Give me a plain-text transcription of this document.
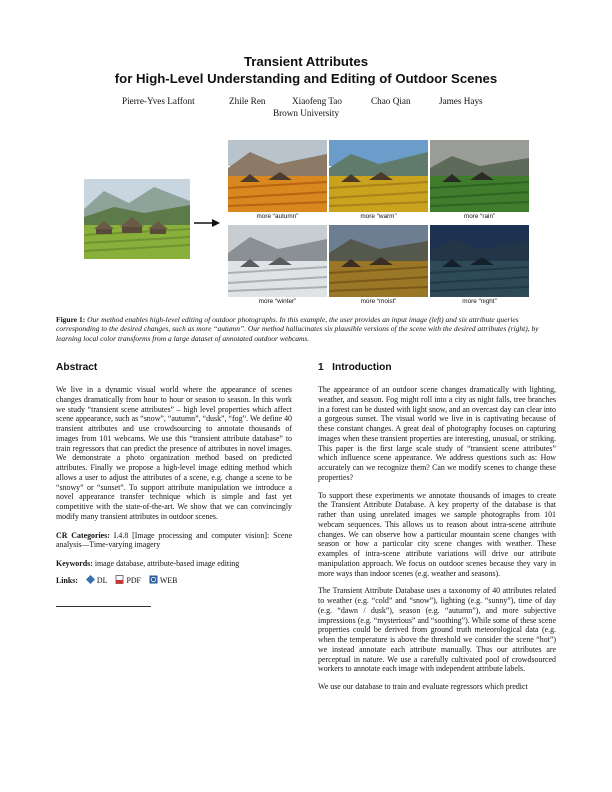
Transient Attributes
for High-Level Understanding and Editing of Outdoor Scenes
Pierre-Yves Laffont	Zhile Ren	Xiaofeng Tao	Chao Qian	James Hays
Brown University
more “autumn”	more “warm”	more “rain”
more “winter”	more “moist”	more “night”
Figure 1: Our method enables high-level editing of outdoor photographs. In this example, the user provides an input image (left) and six attribute queries corresponding to the desired changes, such as more “autumn”. Our method hallucinates six plausible versions of the scene with the desired attributes (right), by learning local color transforms from a large dataset of annotated outdoor webcams.
Abstract
We live in a dynamic visual world where the appearance of scenes changes dramatically from hour to hour or season to season. In this work we study “transient scene attributes” – high level properties which affect scene appearance, such as “snow”, “autumn”, “dusk”, “fog”. We define 40 transient attributes and use crowdsourcing to annotate thousands of images from 101 webcams. We use this “transient attribute database” to train regressors that can predict the presence of attributes in novel images. We demonstrate a photo organization method based on predicted attributes. Finally we propose a high-level image editing method which allows a user to adjust the attributes of a scene, e.g. change a scene to be “snowy” or “sunset”. To support attribute manipulation we introduce a novel appearance transfer technique which is simple and fast yet competitive with the state-of-the-art. We show that we can convincingly modify many transient attributes in outdoor scenes.
CR Categories: I.4.8 [Image processing and computer vision]: Scene analysis—Time-varying imagery
Keywords: image database, attribute-based image editing
Links: DL PDF WEB
1   Introduction

The appearance of an outdoor scene changes dramatically with lighting, weather, and season. Fog might roll into a city as night falls, tree branches in a forest can be dusted with light snow, and an overcast day can clear into a gorgeous sunset. The visual world we live in is captivating because of these constant changes. A great deal of photography focuses on capturing images when these transient properties are interesting, unusual, or striking. This paper is the first large scale study of “transient scene attributes” which influence scene appearance. We address questions such as: How accurately can we recognize them? Can we modify scenes to change these properties?

To support these experiments we annotate thousands of images to create the Transient Attribute Database. A key property of the database is that rather than using unrelated images we sample photographs from 101 webcam sequences. This allows us to reason about intra-scene attribute changes. We can observe how a particular mountain scene changes with season or how a particular city scene changes with weather. These examples of intra-scene attribute variations will drive our attribute manipulation approach. We focus on outdoor scenes because they vary in more ways than indoor scenes (e.g. weather and seasons).

The Transient Attribute Database uses a taxonomy of 40 attributes related to weather (e.g. “cold” and “snow”), lighting (e.g. “sunny”), time of day (e.g. “dawn / dusk”), season (e.g. “autumn”), and more subjective impressions (e.g. “mysterious” and “soothing”). While some of these scene properties could be derived from ground truth meteorological data (e.g. when the temperature is above the threshold we consider the scene “hot”) we instead annotate each attribute manually. Thus our attributes are perceptual in nature. We use a carefully cultivated pool of crowdsourced workers to annotate each image with independent attribute labels.

We use our database to train and evaluate regressors which predict
